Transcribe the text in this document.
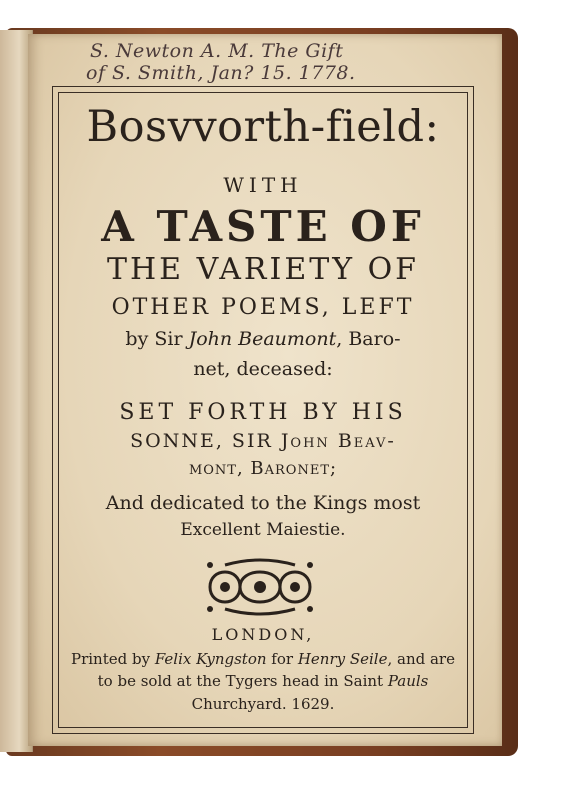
S. Newton A. M. The Gift
of S. Smith, Jan? 15. 1778.
Bosvvorth-field:
WITH
A TASTE OF
THE VARIETY OF
OTHER POEMS, LEFT
by Sir John Beaumont, Baro-
net, deceased:
SET FORTH BY HIS
SONNE, SIR John Beav-
mont, Baronet;
And dedicated to the Kings most
Excellent Maiestie.
LONDON,
Printed by Felix Kyngston for Henry Seile, and are
to be sold at the Tygers head in Saint Pauls
Churchyard. 1629.
